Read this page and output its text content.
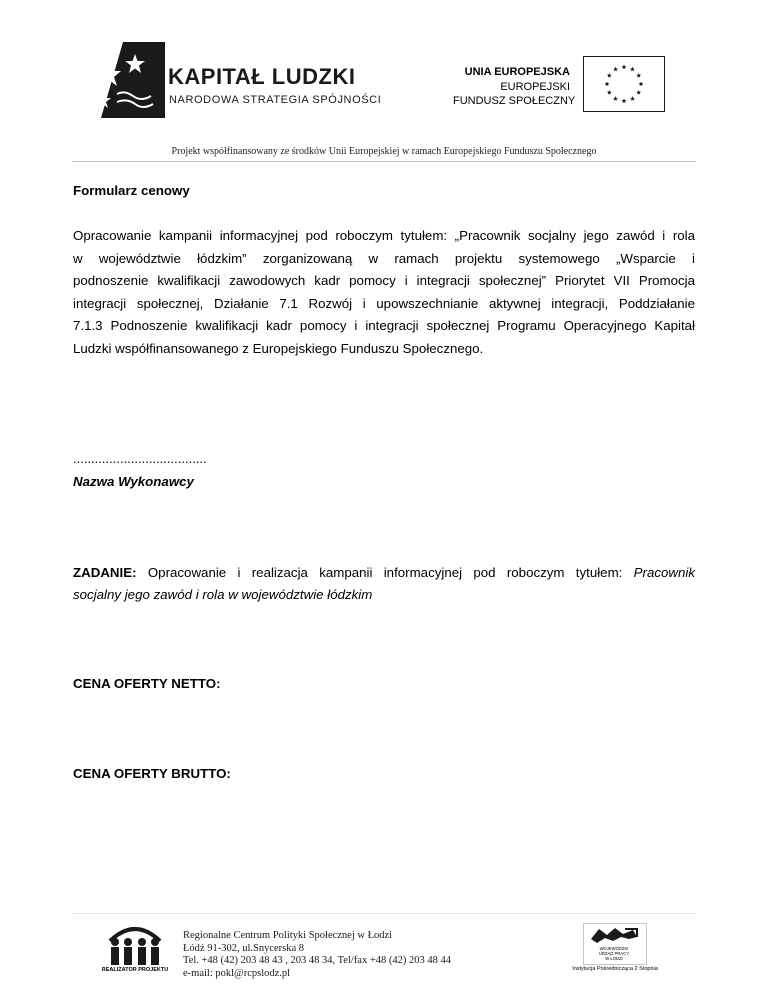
KAPITAŁ LUDZKI
NARODOWA STRATEGIA SPÓJNOŚCI
UNIA EUROPEJSKA
EUROPEJSKI
FUNDUSZ SPOŁECZNY
Projekt współfinansowany ze środków Unii Europejskiej w ramach Europejskiego Funduszu Społecznego
Formularz cenowy
Opracowanie kampanii informacyjnej pod roboczym tytułem: „Pracownik socjalny jego zawód i rola
w województwie łódzkim” zorganizowaną w ramach projektu systemowego „Wsparcie i
podnoszenie kwalifikacji zawodowych kadr pomocy i integracji społecznej” Priorytet VII Promocja
integracji społecznej, Działanie 7.1 Rozwój i upowszechnianie aktywnej integracji, Poddziałanie
7.1.3 Podnoszenie kwalifikacji kadr pomocy i integracji społecznej Programu Operacyjnego Kapitał
Ludzki współfinansowanego z Europejskiego Funduszu Społecznego.
.....................................
Nazwa Wykonawcy
ZADANIE: Opracowanie i realizacja kampanii informacyjnej pod roboczym tytułem: Pracownik
socjalny jego zawód i rola w województwie łódzkim
CENA OFERTY NETTO:
CENA OFERTY BRUTTO:
REALIZATOR PROJEKTU
Regionalne Centrum Polityki Społecznej w Łodzi
Łódź 91-302, ul.Snycerska 8
Tel. +48 (42) 203 48 43 , 203 48 34, Tel/fax +48 (42) 203 48 44
e-mail: pokl@rcpslodz.pl
WOJEWÓDZKI
URZĄD PRACY
W ŁODZI
Instytucja Pośrednicząca 2 Stopnia
